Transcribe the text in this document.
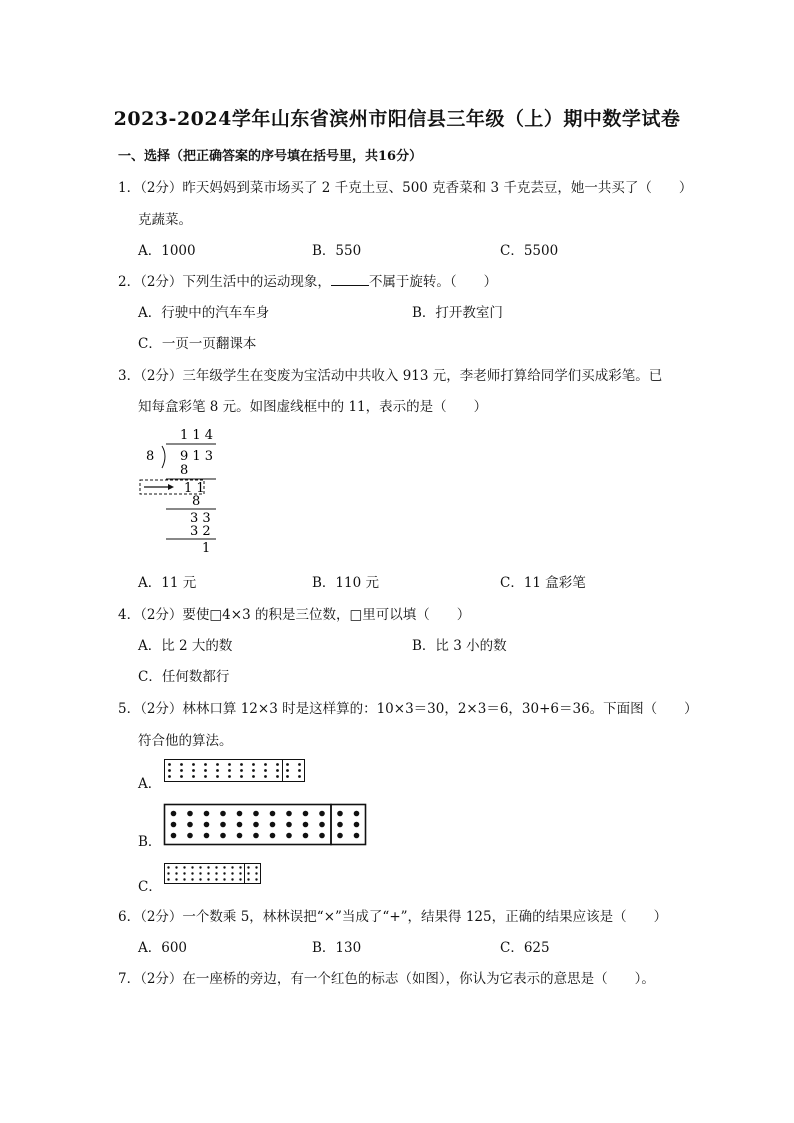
2023-2024学年山东省滨州市阳信县三年级（上）期中数学试卷
一、选择（把正确答案的序号填在括号里，共16分）
1．（2分）昨天妈妈到菜市场买了 2 千克土豆、500 克香菜和 3 千克芸豆，她一共买了（　　）
克蔬菜。
A．1000	B．550	C．5500
2．（2分）下列生活中的运动现象，	不属于旋转。（　　）
A．行驶中的汽车车身	B．打开教室门
C．一页一页翻课本
3．（2分）三年级学生在变废为宝活动中共收入 913 元，李老师打算给同学们买成彩笔。已
知每盒彩笔 8 元。如图虚线框中的 11，表示的是（　　）
1 1 4
8 9 1 3
8
1 1
8
3 3
3 2
1
A．11 元	B．110 元	C．11 盒彩笔
4．（2分）要使□4×3 的积是三位数，□里可以填（　　）
A．比 2 大的数	B．比 3 小的数
C．任何数都行
5．（2分）林林口算 12×3 时是这样算的：10×3＝30，2×3＝6，30+6＝36。下面图（　　）
符合他的算法。
A．
B．
C．
6．（2分）一个数乘 5，林林误把“×”当成了“+”，结果得 125，正确的结果应该是（　　）
A．600	B．130	C．625
7．（2分）在一座桥的旁边，有一个红色的标志（如图），你认为它表示的意思是（　　）。
